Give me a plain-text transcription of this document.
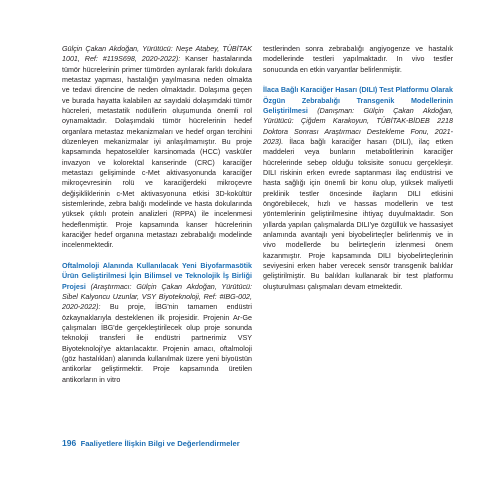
Gülçin Çakan Akdoğan, Yürütücü: Neşe Atabey, TÜBİTAK 1001, Ref: #119S698, 2020-2022): Kanser hastalarında tümör hücrelerinin primer tümörden ayrılarak farklı dokulara metastaz yapması, hastalığın yayılmasına neden olmakta ve tedavi direncine de neden olmaktadır. Dolaşıma geçen ve burada hayatta kalabilen az sayıdaki dolaşımdaki tümör hücreleri, metastatik nodüllerin oluşumunda önemli rol oynamaktadır. Dolaşımdaki tümör hücrelerinin hedef organlara metastaz mekanizmaları ve hedef organ tercihini düzenleyen mekanizmalar iyi anlaşılmamıştır. Bu proje kapsamında hepatoselüler karsinomada (HCC) vasküler invazyon ve kolorektal kanserinde (CRC) karaciğer metastazı gelişiminde c-Met aktivasyonunda karaciğer mikroçevresinin rolü ve karaciğerdeki mikroçevre değişikliklerinin c-Met aktivasyonuna etkisi 3D-kokültür sistemlerinde, zebra balığı modelinde ve hasta dokularında yüksek çıktılı protein analizleri (RPPA) ile incelenmesi hedeflenmiştir. Proje kapsamında kanser hücrelerinin karaciğer hedef organına metastazı zebrabalığı modelinde incelenmektedir.

Oftalmoloji Alanında Kullanılacak Yeni Biyofarmasötik Ürün Geliştirilmesi İçin Bilimsel ve Teknolojik İş Birliği Projesi (Araştırmacı: Gülçin Çakan Akdoğan, Yürütücü: Sibel Kalyoncu Uzunlar, VSY Biyoteknoloji, Ref: #IBG-002, 2020-2022): Bu proje, İBG'nin tamamen endüstri özkaynaklarıyla desteklenen ilk projesidir. Projenin Ar-Ge çalışmaları İBG'de gerçekleştirilecek olup proje sonunda teknoloji transferi ile endüstri partnerimiz VSY Biyoteknoloji'ye aktarılacaktır. Projenin amacı, oftalmoloji (göz hastalıkları) alanında kullanılmak üzere yeni biyoüstün antikorlar geliştirmektir. Proje kapsamında üretilen antikorların in vitro

testlerinden sonra zebrabalığı angiyogenze ve hastalık modellerinde testleri yapılmaktadır. In vivo testler sonucunda en etkin varyantlar belirlenmiştir.

İlaca Bağlı Karaciğer Hasarı (DILI) Test Platformu Olarak Özgün Zebrabalığı Transgenik Modellerinin Geliştirilmesi (Danışman: Gülçin Çakan Akdoğan, Yürütücü: Çiğdem Karakoyun, TÜBİTAK-BİDEB 2218 Doktora Sonrası Araştırmacı Destekleme Fonu, 2021-2023). İlaca bağlı karaciğer hasarı (DILI), ilaç etken maddeleri veya bunların metabolitlerinin karaciğer hücrelerinde sebep olduğu toksisite sonucu gerçekleşir. DILI riskinin erken evrede saptanması ilaç endüstrisi ve hasta sağlığı için önemli bir konu olup, yüksek maliyetli preklinik testler öncesinde ilaçların DILI etkisini öngörebilecek, hızlı ve hassas modellerin ve test yöntemlerinin geliştirilmesine ihtiyaç duyulmaktadır. Son yıllarda yapılan çalışmalarda DILI'ye özgüllük ve hassasiyet anlamında avantajlı yeni biyobelirteçler belirlenmiş ve in vivo modellerde bu belirteçlerin izlenmesi önem kazanmıştır. Proje kapsamında DILI biyobelirteçlerinin seviyesini erken haber verecek sensör transgenik balıklar geliştirilmiştir. Bu balıkları kullanarak bir test platformu oluşturulması çalışmaları devam etmektedir.

196 Faaliyetlere İlişkin Bilgi ve Değerlendirmeler
